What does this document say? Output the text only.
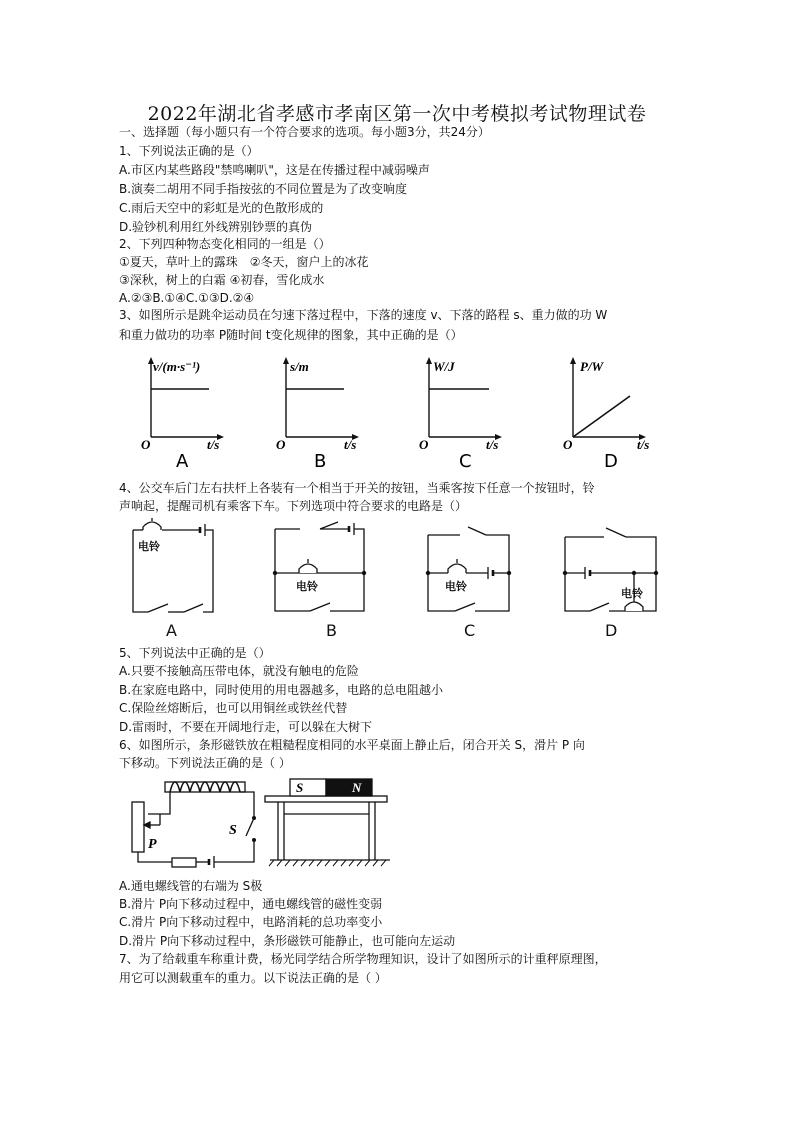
2022年湖北省孝感市孝南区第一次中考模拟考试物理试卷
一、选择题（每小题只有一个符合要求的选项。每小题3分，共24分）
1、下列说法正确的是（）
A.市区内某些路段"禁鸣喇叭"，这是在传播过程中减弱噪声
B.演奏二胡用不同手指按弦的不同位置是为了改变响度
C.雨后天空中的彩虹是光的色散形成的
D.验钞机利用红外线辨别钞票的真伪
2、下列四种物态变化相同的一组是（）
①夏天，草叶上的露珠　②冬天，窗户上的冰花
③深秋，树上的白霜 ④初春，雪化成水
A.②③B.①④C.①③D.②④
3、如图所示是跳伞运动员在匀速下落过程中，下落的速度 v、下落的路程 s、重力做的功 W
和重力做功的功率 P随时间 t变化规律的图象，其中正确的是（）
v/(m·s⁻¹)
t/s
O
A
s/m
t/s
O
B
W/J
t/s
O
C
P/W
t/s
O
D
4、公交车后门左右扶杆上各装有一个相当于开关的按钮，当乘客按下任意一个按钮时，铃
声响起，提醒司机有乘客下车。下列选项中符合要求的电路是（）
电铃
电铃	电铃
电铃
A	B	C	D
5、下列说法中正确的是（）
A.只要不接触高压带电体，就没有触电的危险
B.在家庭电路中，同时使用的用电器越多，电路的总电阻越小
C.保险丝熔断后，也可以用铜丝或铁丝代替
D.雷雨时，不要在开阔地行走，可以躲在大树下
6、如图所示，条形磁铁放在粗糙程度相同的水平桌面上静止后，闭合开关 S，滑片 P 向
下移动。下列说法正确的是（ ）
P
S
S	N
A.通电螺线管的右端为 S极
B.滑片 P向下移动过程中，通电螺线管的磁性变弱
C.滑片 P向下移动过程中，电路消耗的总功率变小
D.滑片 P向下移动过程中，条形磁铁可能静止，也可能向左运动
7、为了给载重车称重计费，杨光同学结合所学物理知识，设计了如图所示的计重秤原理图，
用它可以测载重车的重力。以下说法正确的是（ ）
